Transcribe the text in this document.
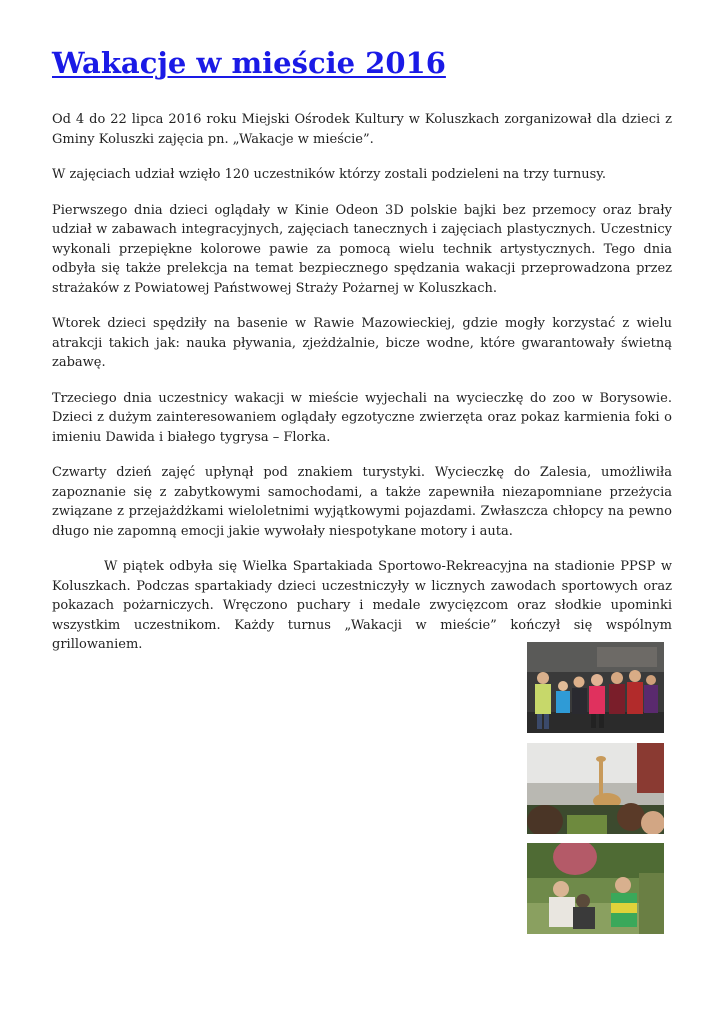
Wakacje w mieście 2016

Od 4 do 22 lipca 2016 roku Miejski Ośrodek Kultury w Koluszkach zorganizował dla dzieci z Gminy Koluszki zajęcia pn. „Wakacje w mieście”.

W zajęciach udział wzięło 120 uczestników którzy zostali podzieleni na trzy turnusy.

Pierwszego dnia dzieci oglądały w Kinie Odeon 3D polskie bajki bez przemocy oraz brały udział w zabawach integracyjnych, zajęciach tanecznych i zajęciach plastycznych. Uczestnicy wykonali przepiękne kolorowe pawie za pomocą wielu technik artystycznych. Tego dnia odbyła się także prelekcja na temat bezpiecznego spędzania wakacji przeprowadzona przez strażaków z Powiatowej Państwowej Straży Pożarnej w Koluszkach.

Wtorek dzieci spędziły na basenie w Rawie Mazowieckiej, gdzie mogły korzystać z wielu atrakcji takich jak: nauka pływania, zjeżdżalnie, bicze wodne, które gwarantowały świetną zabawę.

Trzeciego dnia uczestnicy wakacji w mieście wyjechali na wycieczkę do zoo w Borysowie. Dzieci z dużym zainteresowaniem oglądały egzotyczne zwierzęta oraz pokaz karmienia foki o imieniu Dawida i białego tygrysa – Florka.

Czwarty dzień zajęć upłynął pod znakiem turystyki. Wycieczkę do Zalesia, umożliwiła zapoznanie się z zabytkowymi samochodami, a także zapewniła niezapomniane przeżycia związane z przejażdżkami wieloletnimi wyjątkowymi pojazdami. Zwłaszcza chłopcy na pewno długo nie zapomną emocji jakie wywołały niespotykane motory i auta.

W piątek odbyła się Wielka Spartakiada Sportowo-Rekreacyjna na stadionie PPSP w Koluszkach. Podczas spartakiady dzieci uczestniczyły w licznych zawodach sportowych oraz pokazach pożarniczych. Wręczono puchary i medale zwycięzcom oraz słodkie upominki wszystkim uczestnikom. Każdy turnus „Wakacji w mieście” kończył się wspólnym grillowaniem.
